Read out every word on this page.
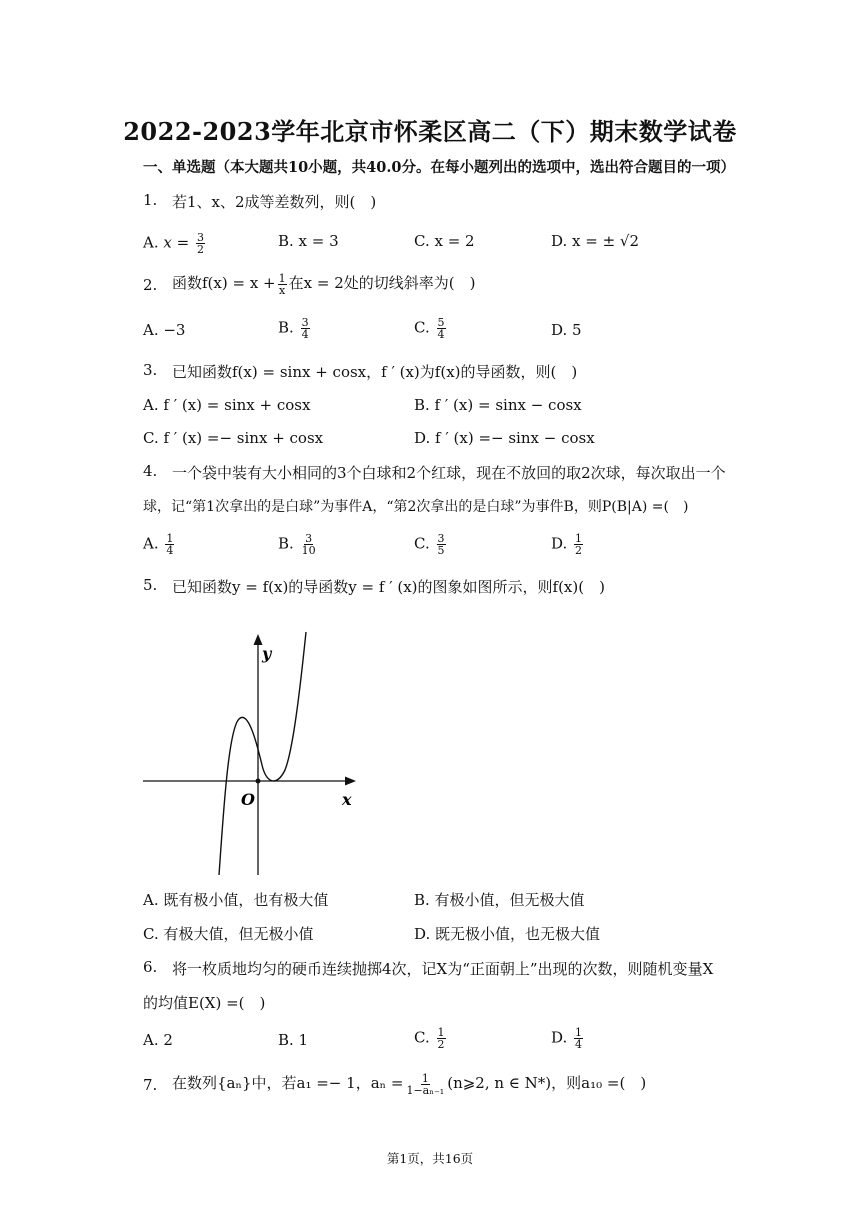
2022-2023学年北京市怀柔区高二（下）期末数学试卷
一、单选题（本大题共10小题，共40.0分。在每小题列出的选项中，选出符合题目的一项）
1. 若1、x、2成等差数列，则(　)
A. $x = \frac{3}{2}$	B. x = 3	C. x = 2	D. x = ± √2
2. 函数$f(x) = x + \frac{1}{x}$ 在x = 2处的切线斜率为(　)
A. −3	B. $\frac{3}{4}$	C. $\frac{5}{4}$	D. 5
3. 已知函数f(x) = sinx + cosx，f ′ (x)为f(x)的导函数，则(　)
A. f ′ (x) = sinx + cosx	B. f ′ (x) = sinx − cosx
C. f ′ (x) =− sinx + cosx	D. f ′ (x) =− sinx − cosx
4. 一个袋中装有大小相同的3个白球和2个红球，现在不放回的取2次球，每次取出一个
球，记“第1次拿出的是白球”为事件A，“第2次拿出的是白球”为事件B，则P(B|A) =(　)
A. $\frac{1}{4}$	B. $\frac{3}{10}$	C. $\frac{3}{5}$	D. $\frac{1}{2}$
5. 已知函数y = f(x)的导函数y = f ′ (x)的图象如图所示，则f(x)(　)
y
x
O
A. 既有极小值，也有极大值	B. 有极小值，但无极大值
C. 有极大值，但无极小值	D. 既无极小值，也无极大值
6. 将一枚质地均匀的硬币连续抛掷4次，记X为“正面朝上”出现的次数，则随机变量X
的均值E(X) =(　)
A. 2	B. 1	C. $\frac{1}{2}$	D. $\frac{1}{4}$
7. 在数列{aₙ}中，若a₁ =− 1，$a_n = \frac{1}{\text{1−aₙ₋₁}}$ (n⩾2, n ∈ N*)，则a₁₀ =(　)
第1页，共16页
